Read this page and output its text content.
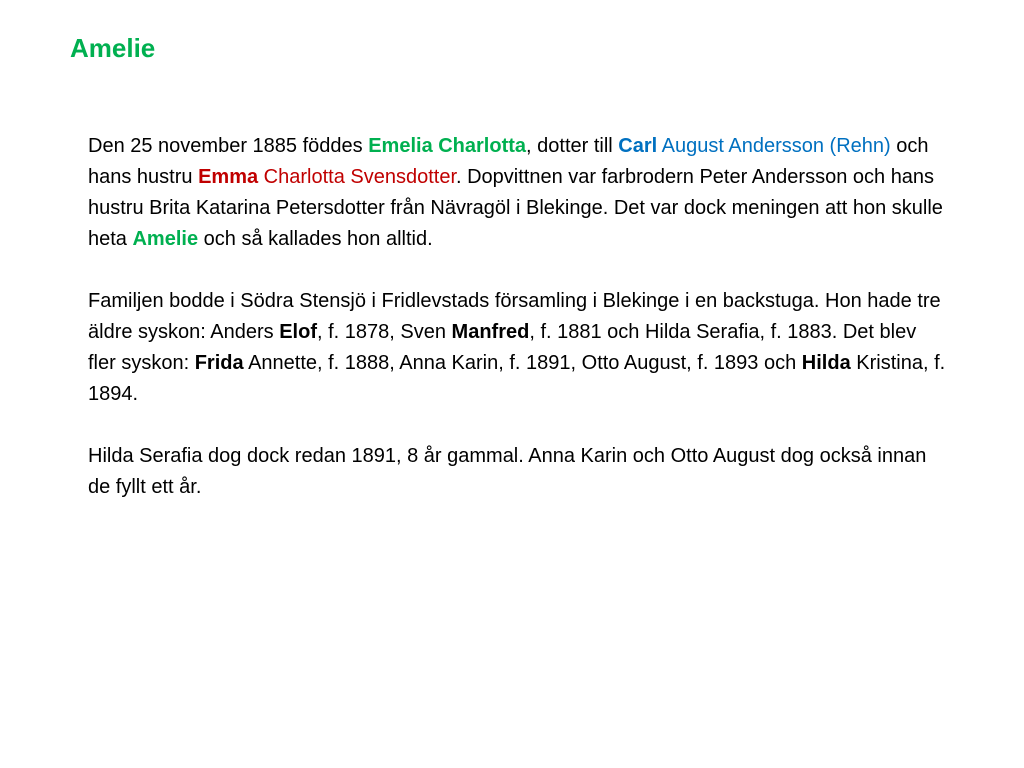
Amelie

Den 25 november 1885 föddes Emelia Charlotta, dotter till Carl August Andersson (Rehn) och hans hustru Emma Charlotta Svensdotter. Dopvittnen var farbrodern Peter Andersson och hans hustru Brita Katarina Petersdotter från Nävragöl i Blekinge. Det var dock meningen att hon skulle heta Amelie och så kallades hon alltid.

Familjen bodde i Södra Stensjö i Fridlevstads församling i Blekinge i en backstuga. Hon hade tre äldre syskon: Anders Elof, f. 1878, Sven Manfred, f. 1881 och Hilda Serafia, f. 1883. Det blev fler syskon: Frida Annette, f. 1888, Anna Karin, f. 1891, Otto August, f. 1893 och Hilda Kristina, f. 1894.

Hilda Serafia dog dock redan 1891, 8 år gammal. Anna Karin och Otto August dog också innan de fyllt ett år.
